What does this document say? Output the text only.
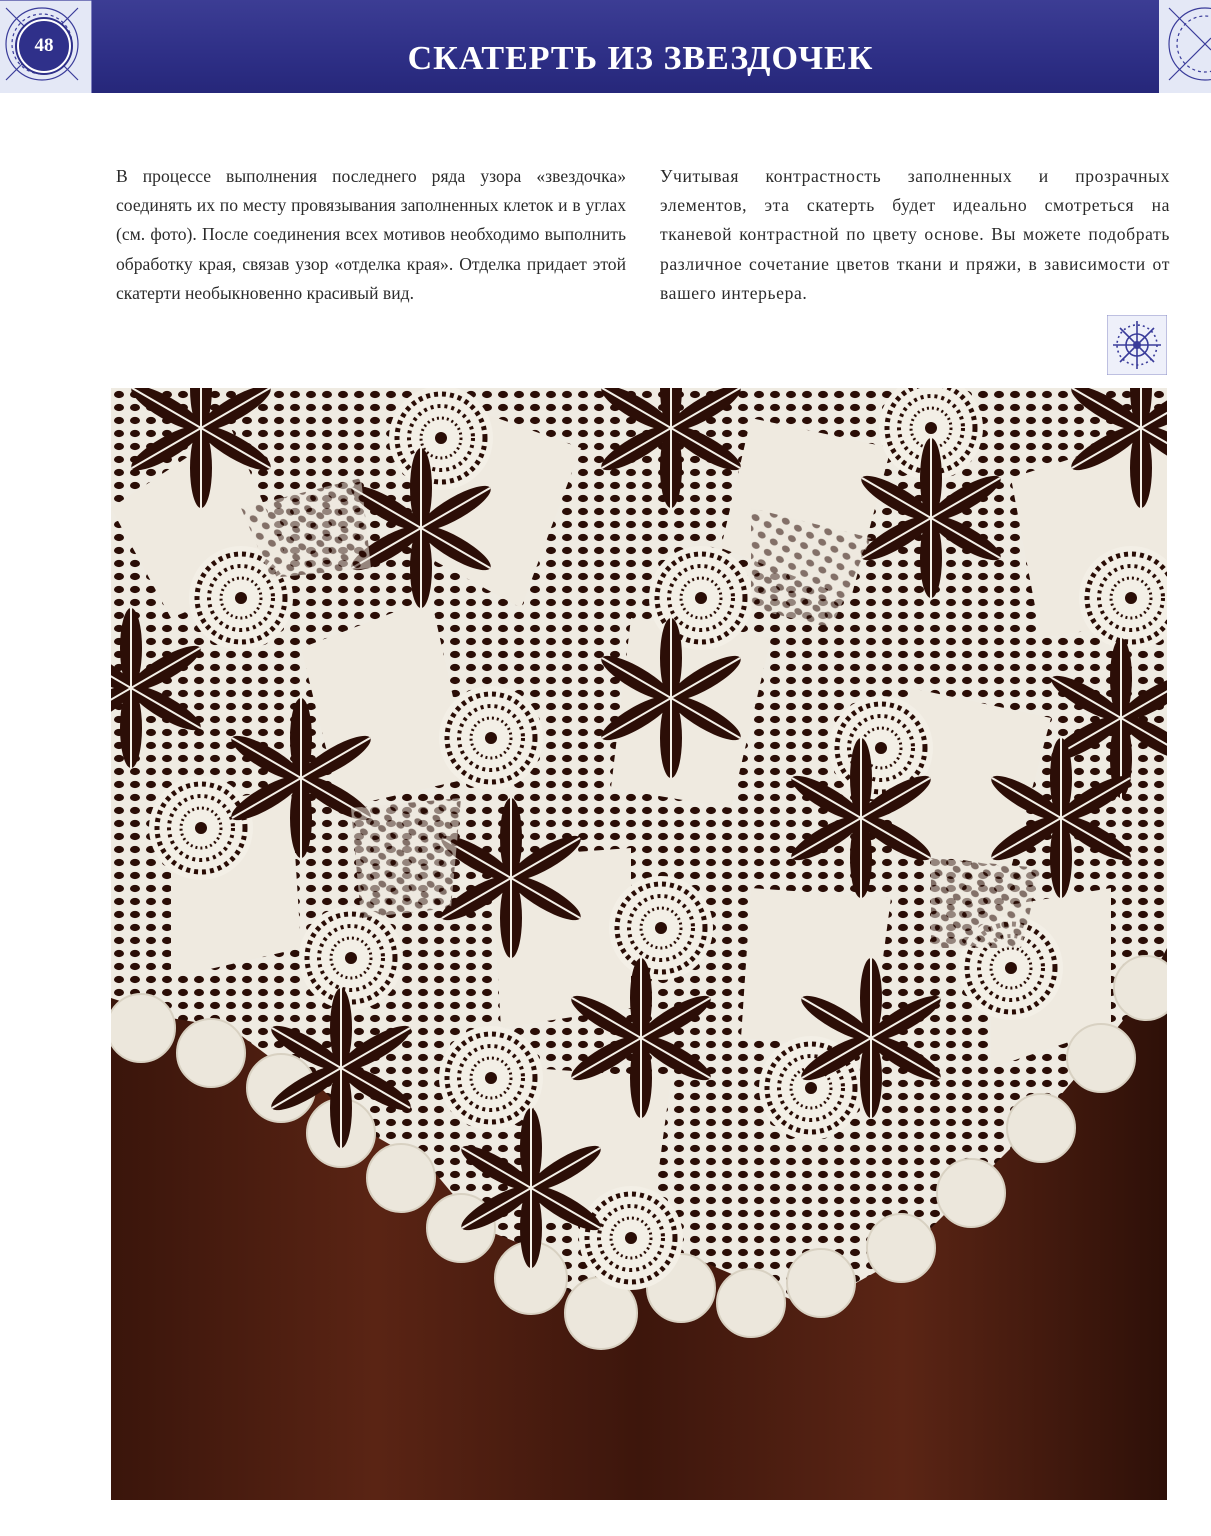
48	СКАТЕРТЬ ИЗ ЗВЕЗДОЧЕК
В процессе выполнения последнего ряда узора «звездочка» соединять их по месту провязывания заполненных клеток и в углах (см. фото). После соединения всех мотивов необходимо выполнить обработку края, связав узор «отделка края». Отделка придает этой скатерти необыкновенно красивый вид.
Учитывая контрастность заполненных и прозрачных элементов, эта скатерть будет идеально смотреться на тканевой контрастной по цвету основе. Вы можете подобрать различное сочетание цветов ткани и пряжи, в зависимости от вашего интерьера.
